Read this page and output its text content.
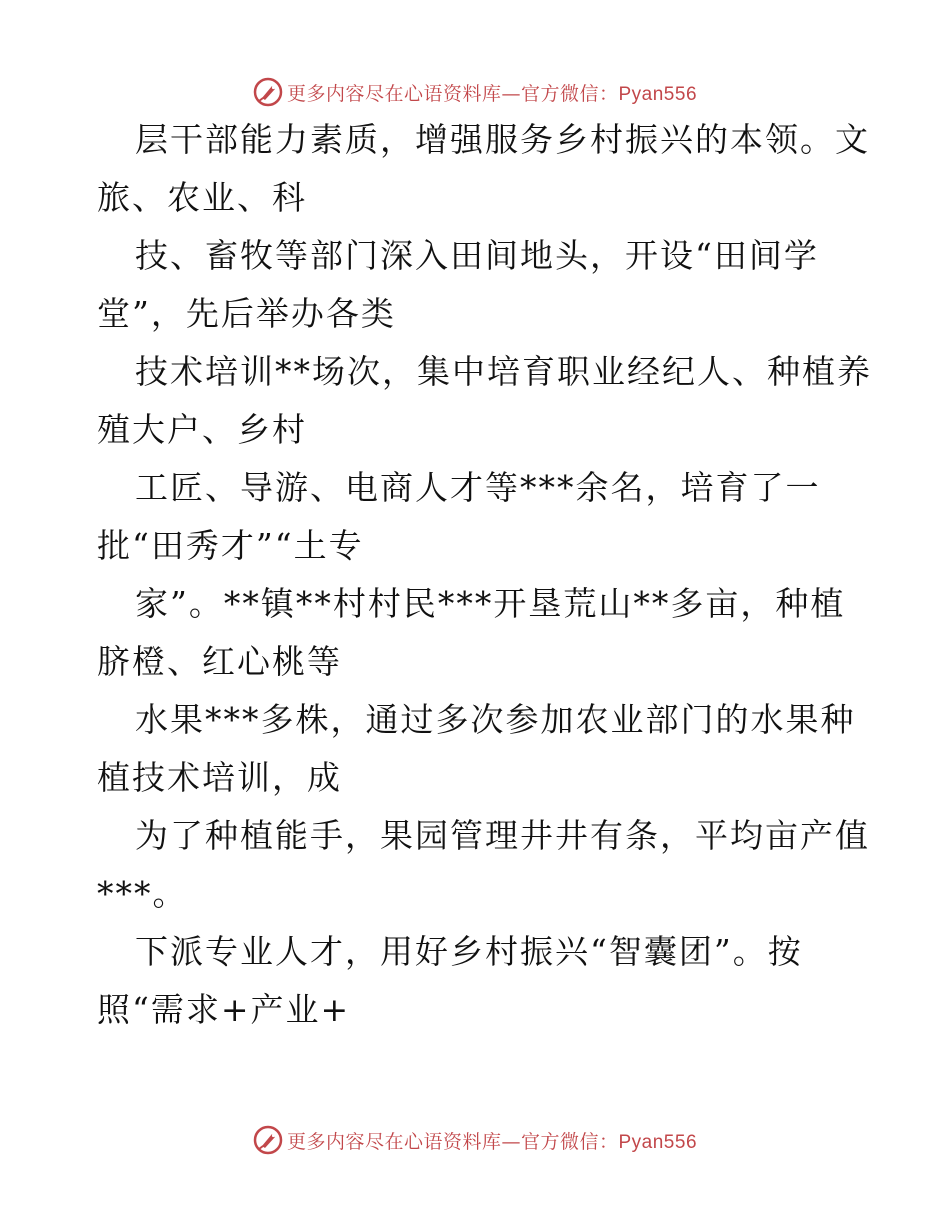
更多内容尽在心语资料库—官方微信：Pyan556
层干部能力素质，增强服务乡村振兴的本领。文
旅、农业、科
技、畜牧等部门深入田间地头，开设“田间学
堂”，先后举办各类
技术培训**场次，集中培育职业经纪人、种植养
殖大户、乡村
工匠、导游、电商人才等***余名，培育了一
批“田秀才”“土专
家”。**镇**村村民***开垦荒山**多亩，种植
脐橙、红心桃等
水果***多株，通过多次参加农业部门的水果种
植技术培训，成
为了种植能手，果园管理井井有条，平均亩产值
***。
下派专业人才，用好乡村振兴“智囊团”。按
照“需求+产业+
更多内容尽在心语资料库—官方微信：Pyan556
